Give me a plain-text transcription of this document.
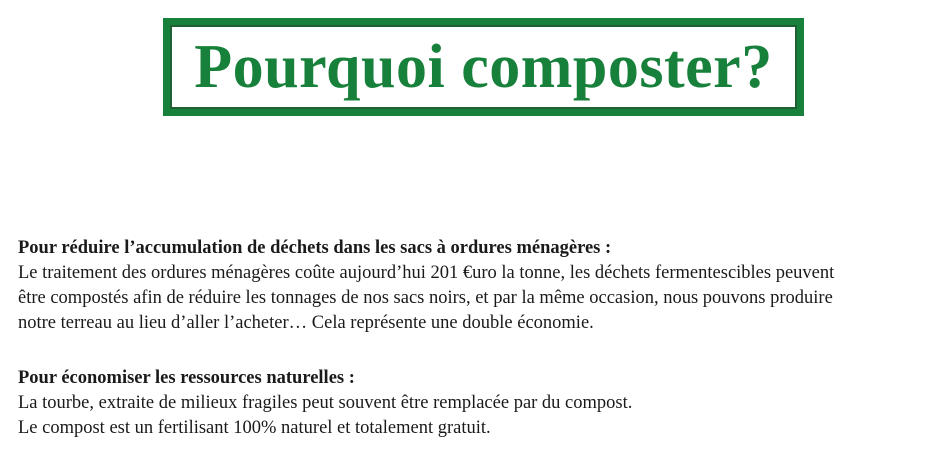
Pourquoi composter?
Pour réduire l’accumulation de déchets dans les sacs à ordures ménagères :
Le traitement des ordures ménagères coûte aujourd’hui 201 €uro la tonne, les déchets fermentescibles peuvent
être compostés afin de réduire les tonnages de nos sacs noirs, et par la même occasion, nous pouvons produire
notre terreau au lieu d’aller l’acheter… Cela représente une double économie.
Pour économiser les ressources naturelles :
La tourbe, extraite de milieux fragiles peut souvent être remplacée par du compost.
Le compost est un fertilisant 100% naturel et totalement gratuit.
